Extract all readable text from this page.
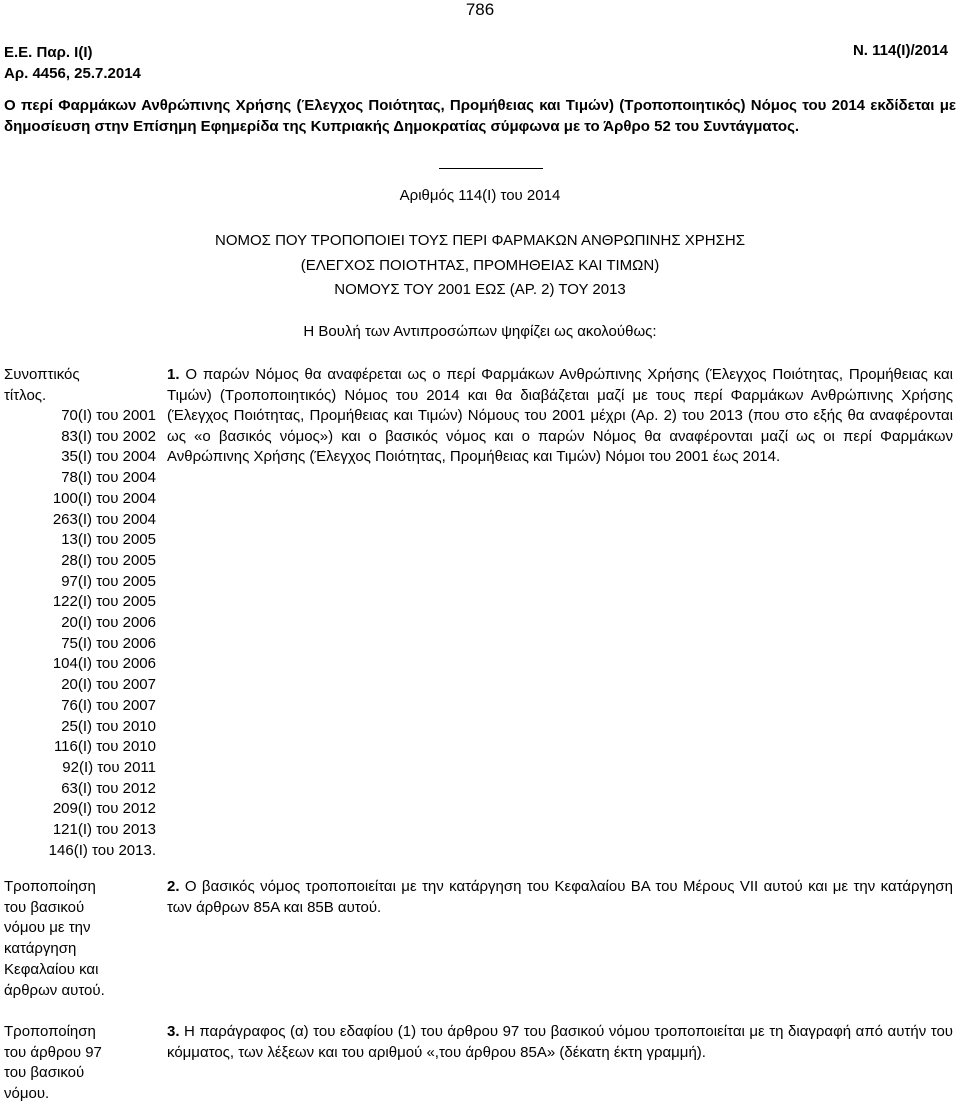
786
Ε.Ε. Παρ. Ι(Ι)
Αρ. 4456, 25.7.2014
Ν. 114(Ι)/2014
Ο περί Φαρμάκων Ανθρώπινης Χρήσης (Έλεγχος Ποιότητας, Προμήθειας και Τιμών) (Τροποποιητικός) Νόμος του 2014 εκδίδεται με δημοσίευση στην Επίσημη Εφημερίδα της Κυπριακής Δημοκρατίας σύμφωνα με το Άρθρο 52 του Συντάγματος.
Αριθμός 114(Ι) του 2014
ΝΟΜΟΣ ΠΟΥ ΤΡΟΠΟΠΟΙΕΙ ΤΟΥΣ ΠΕΡΙ ΦΑΡΜΑΚΩΝ ΑΝΘΡΩΠΙΝΗΣ ΧΡΗΣΗΣ
(ΕΛΕΓΧΟΣ ΠΟΙΟΤΗΤΑΣ, ΠΡΟΜΗΘΕΙΑΣ ΚΑΙ ΤΙΜΩΝ)
ΝΟΜΟΥΣ ΤΟΥ 2001 ΕΩΣ (ΑΡ. 2) ΤΟΥ 2013
Η Βουλή των Αντιπροσώπων ψηφίζει ως ακολούθως:
Συνοπτικός
τίτλος.
70(Ι) του 2001
83(Ι) του 2002
35(Ι) του 2004
78(Ι) του 2004
100(Ι) του 2004
263(Ι) του 2004
13(Ι) του 2005
28(Ι) του 2005
97(Ι) του 2005
122(Ι) του 2005
20(Ι) του 2006
75(Ι) του 2006
104(Ι) του 2006
20(Ι) του 2007
76(Ι) του 2007
25(Ι) του 2010
116(Ι) του 2010
92(Ι) του 2011
63(Ι) του 2012
209(Ι) του 2012
121(Ι) του 2013
146(Ι) του 2013.
1. Ο παρών Νόμος θα αναφέρεται ως ο περί Φαρμάκων Ανθρώπινης Χρήσης (Έλεγχος Ποιότητας, Προμήθειας και Τιμών) (Τροποποιητικός) Νόμος του 2014 και θα διαβάζεται μαζί με τους περί Φαρμάκων Ανθρώπινης Χρήσης (Έλεγχος Ποιότητας, Προμήθειας και Τιμών) Νόμους του 2001 μέχρι (Αρ. 2) του 2013 (που στο εξής θα αναφέρονται ως «ο βασικός νόμος») και ο βασικός νόμος και ο παρών Νόμος θα αναφέρονται μαζί ως οι περί Φαρμάκων Ανθρώπινης Χρήσης (Έλεγχος Ποιότητας, Προμήθειας και Τιμών) Νόμοι του 2001 έως 2014.
Τροποποίηση
του βασικού
νόμου με την
κατάργηση
Κεφαλαίου και
άρθρων αυτού.
2. Ο βασικός νόμος τροποποιείται με την κατάργηση του Κεφαλαίου ΒΑ του Μέρους VII αυτού και με την κατάργηση των άρθρων 85Α και 85Β αυτού.
Τροποποίηση
του άρθρου 97
του βασικού
νόμου.
3. Η παράγραφος (α) του εδαφίου (1) του άρθρου 97 του βασικού νόμου τροποποιείται με τη διαγραφή από αυτήν του κόμματος, των λέξεων και του αριθμού «,του άρθρου 85Α» (δέκατη έκτη γραμμή).
